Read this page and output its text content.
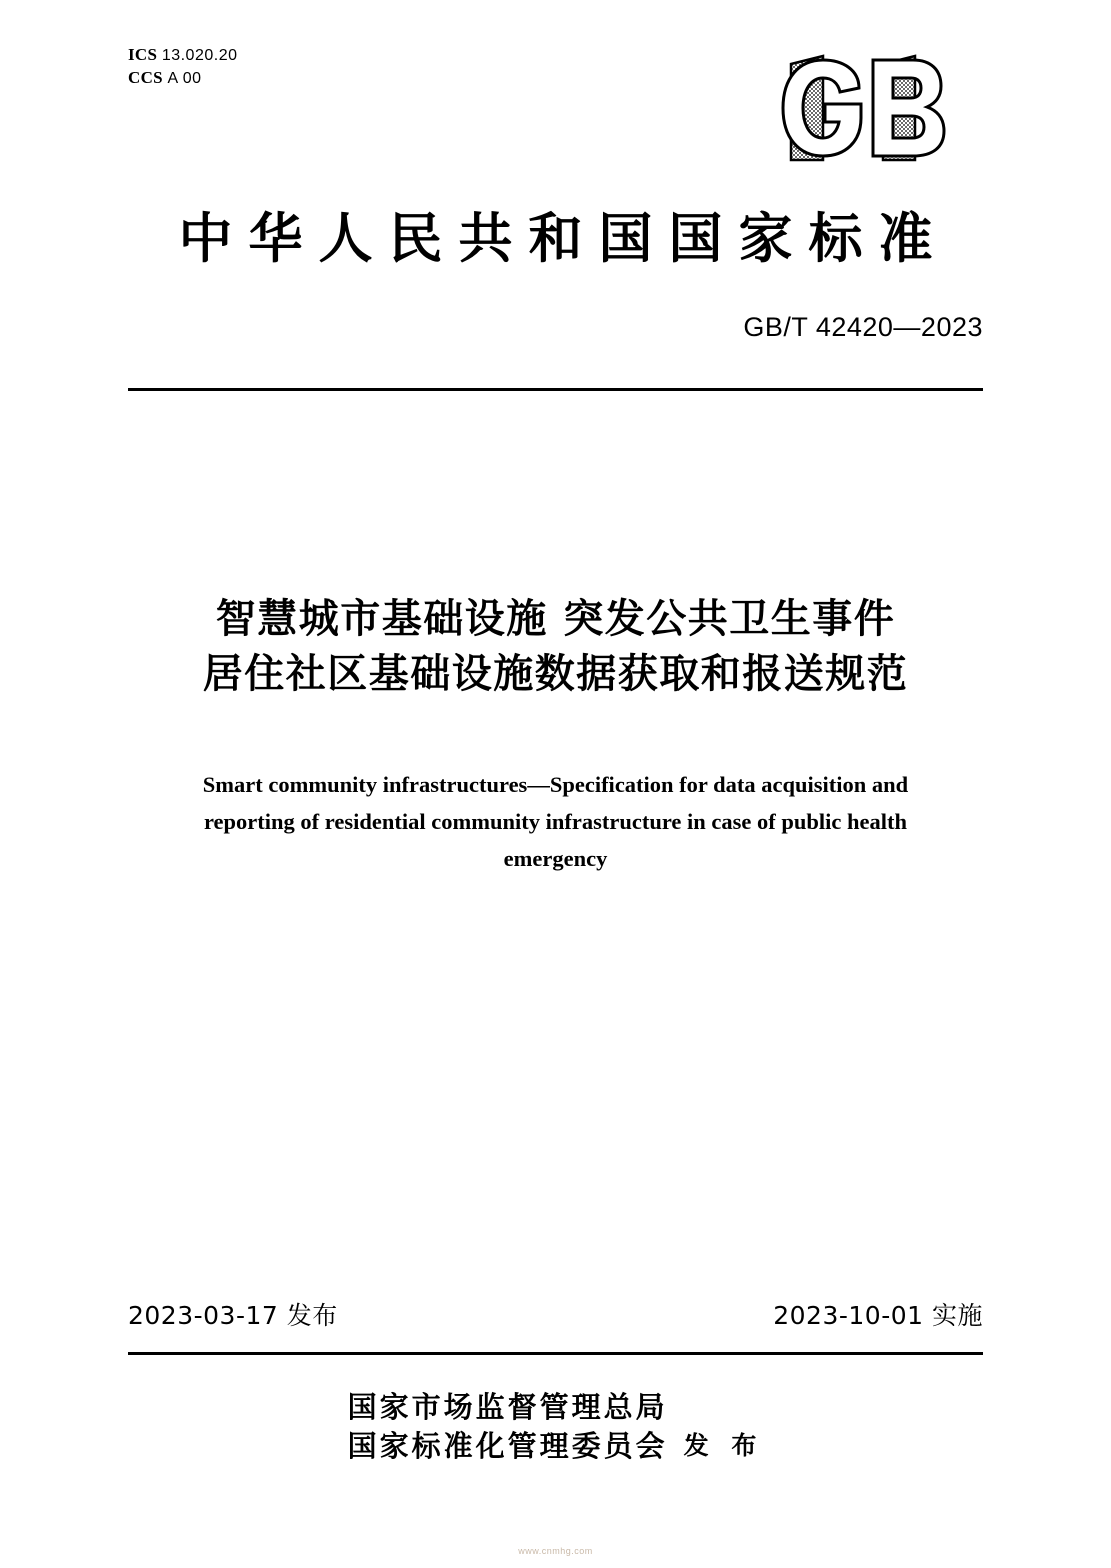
ICS 13.020.20
CCS A 00
中华人民共和国国家标准
GB/T 42420—2023
智慧城市基础设施 突发公共卫生事件
居住社区基础设施数据获取和报送规范
Smart community infrastructures—Specification for data acquisition and reporting of residential community infrastructure in case of public health emergency
2023-03-17 发布	2023-10-01 实施
国家市场监督管理总局
国家标准化管理委员会 发 布
www.cnmhg.com
